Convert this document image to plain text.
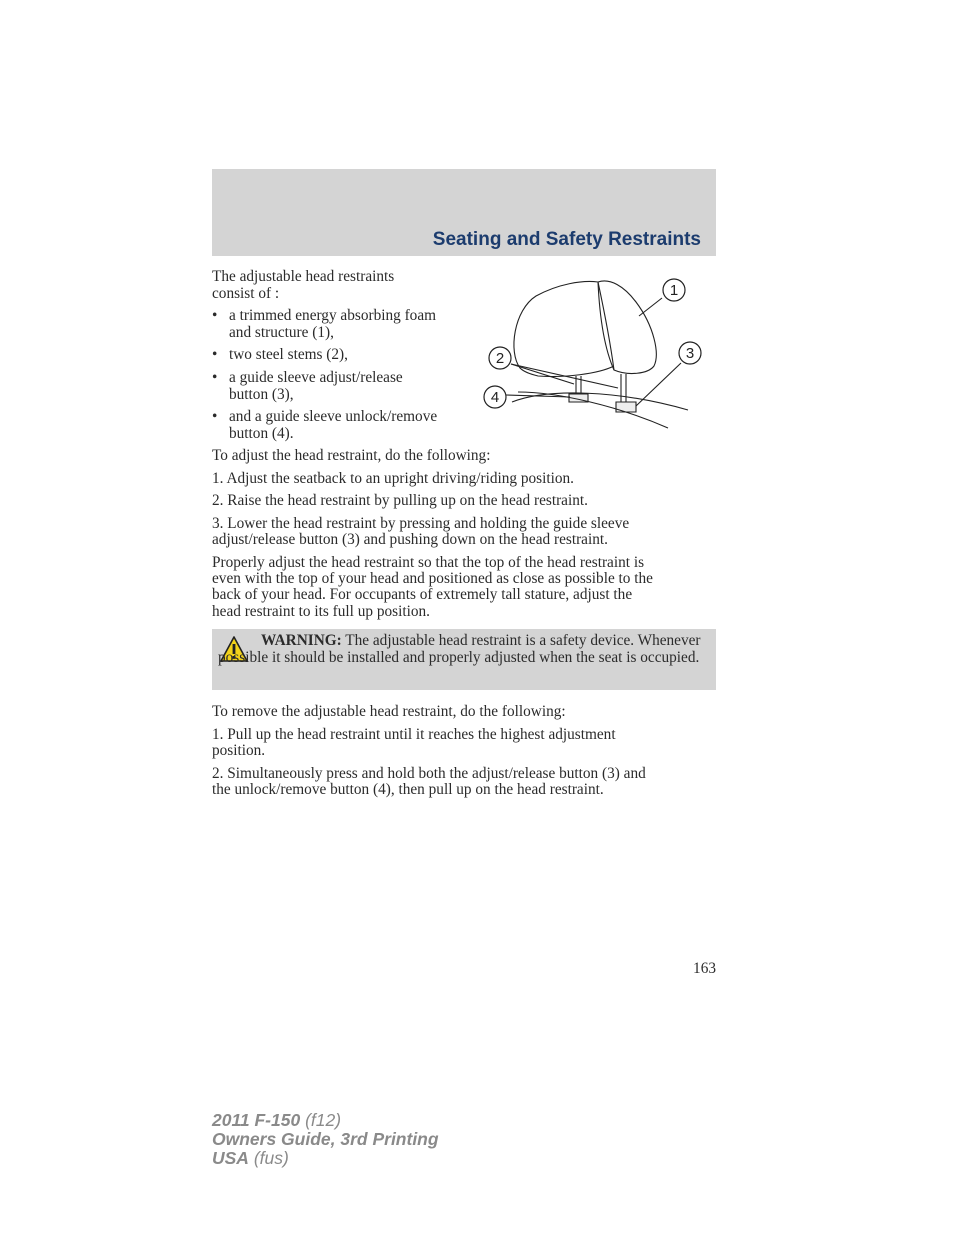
Seating and Safety Restraints

The adjustable head restraints

consist of :

• a trimmed energy absorbing foam
and structure (1),
• two steel stems (2),
• a guide sleeve adjust/release
button (3),
• and a guide sleeve unlock/remove
button (4).
1
2	3
4

To adjust the head restraint, do the following:

1. Adjust the seatback to an upright driving/riding position.

2. Raise the head restraint by pulling up on the head restraint.

3. Lower the head restraint by pressing and holding the guide sleeve

adjust/release button (3) and pushing down on the head restraint.

Properly adjust the head restraint so that the top of the head restraint is

even with the top of your head and positioned as close as possible to the

back of your head. For occupants of extremely tall stature, adjust the

head restraint to its full up position.

WARNING: The adjustable head restraint is a safety device. Whenever possible it should be installed and properly adjusted when the seat is occupied.

To remove the adjustable head restraint, do the following:

1. Pull up the head restraint until it reaches the highest adjustment

position.

2. Simultaneously press and hold both the adjust/release button (3) and

the unlock/remove button (4), then pull up on the head restraint.

163
2011 F-150 (f12)
Owners Guide, 3rd Printing
USA (fus)
